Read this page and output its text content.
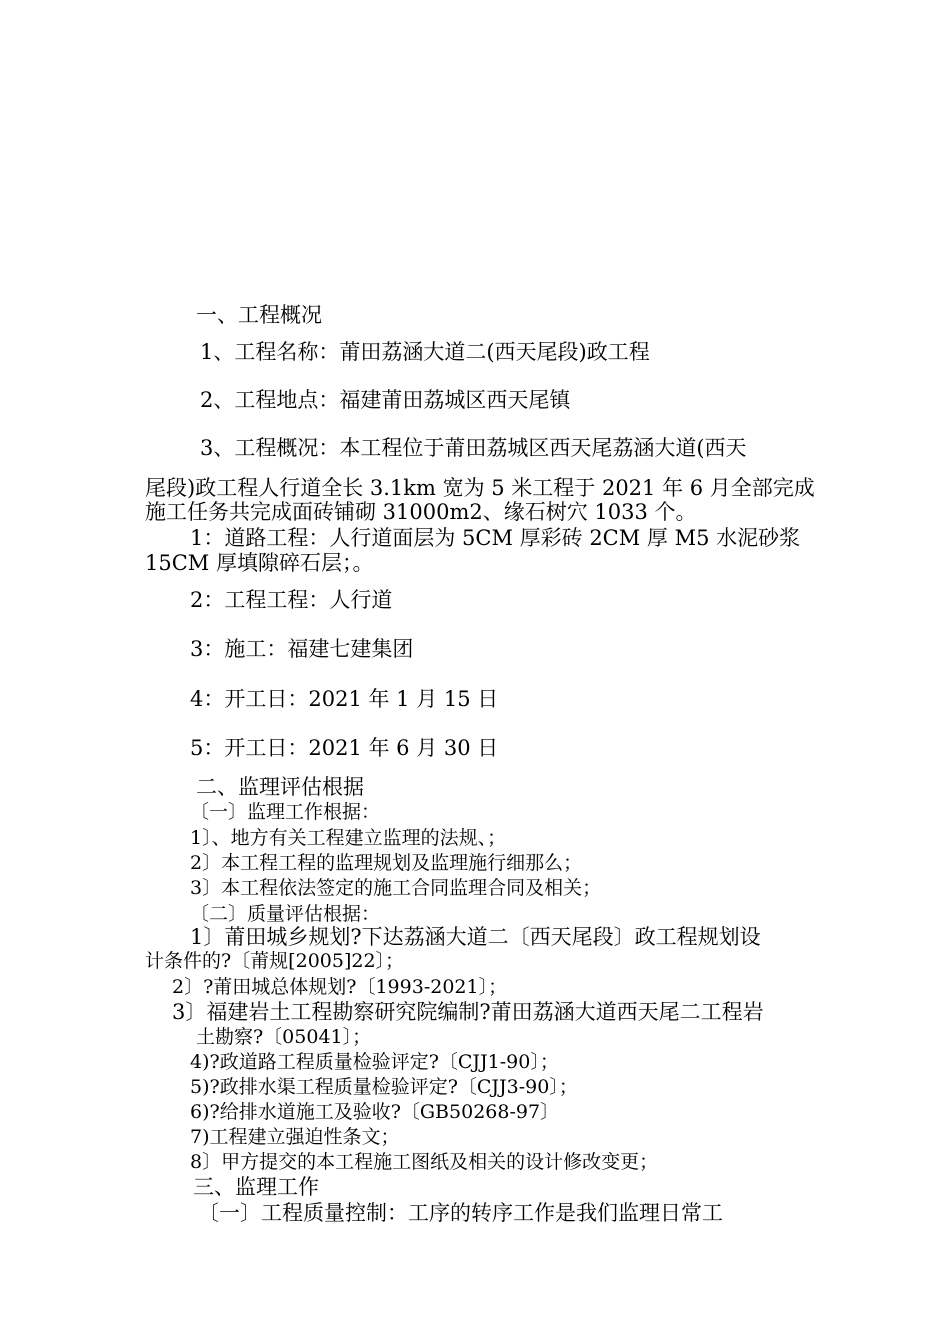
一、工程概况
1、工程名称：莆田荔涵大道二(西天尾段)政工程
2、工程地点：福建莆田荔城区西天尾镇
3、工程概况：本工程位于莆田荔城区西天尾荔涵大道(西天
尾段)政工程人行道全长 3.1km 宽为 5 米工程于 2021 年 6 月全部完成
施工任务共完成面砖铺砌 31000m2、缘石树穴 1033 个。
1：道路工程：人行道面层为 5CM 厚彩砖 2CM 厚 M5 水泥砂浆
15CM 厚填隙碎石层；。
2：工程工程：人行道
3：施工：福建七建集团
4：开工日：2021 年 1 月 15 日
5：开工日：2021 年 6 月 30 日
二、监理评估根据
〔一〕监理工作根据：
1〕、地方有关工程建立监理的法规、；
2〕本工程工程的监理规划及监理施行细那么；
3〕本工程依法签定的施工合同监理合同及相关；
〔二〕质量评估根据：
1〕莆田城乡规划?下达荔涵大道二〔西天尾段〕政工程规划设
计条件的?〔莆规[2005]22〕；
2〕?莆田城总体规划?〔1993-2021〕；
3〕福建岩土工程勘察研究院编制?莆田荔涵大道西天尾二工程岩
土勘察?〔05041〕；
4)?政道路工程质量检验评定?〔CJJ1-90〕；
5)?政排水渠工程质量检验评定?〔CJJ3-90〕；
6)?给排水道施工及验收?〔GB50268-97〕
7)工程建立强迫性条文；
8〕甲方提交的本工程施工图纸及相关的设计修改变更；
三、监理工作
〔一〕工程质量控制：工序的转序工作是我们监理日常工
